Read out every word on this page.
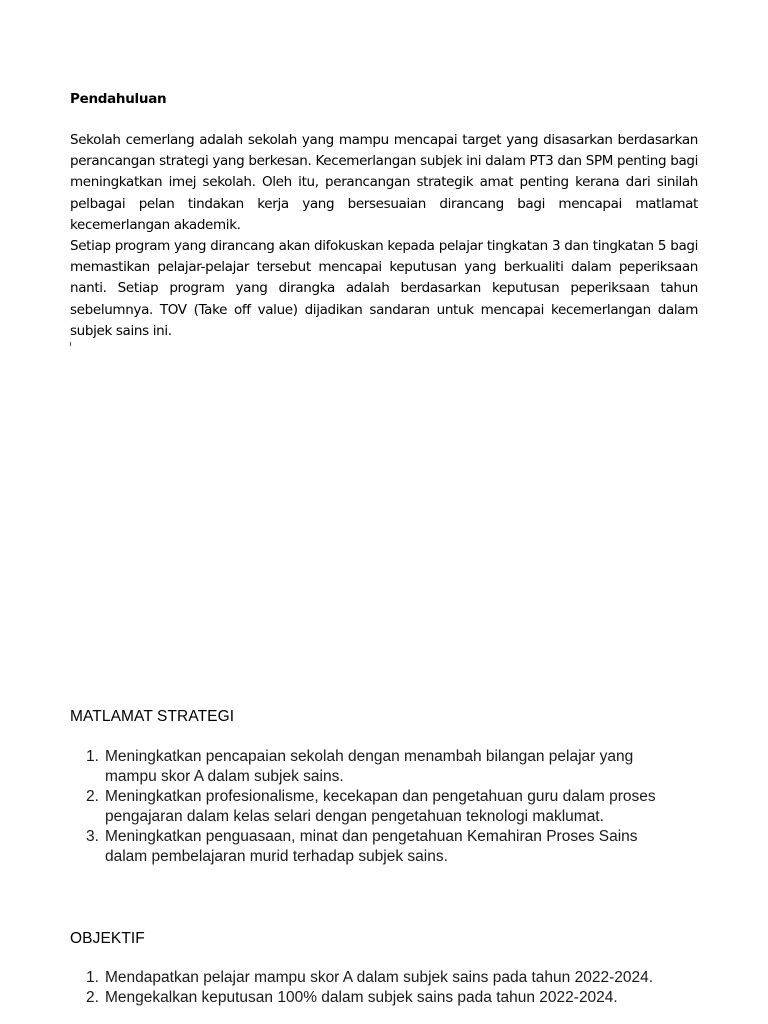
Pendahuluan

Sekolah cemerlang adalah sekolah yang mampu mencapai target yang disasarkan berdasarkan perancangan strategi yang berkesan. Kecemerlangan subjek ini dalam PT3 dan SPM penting bagi meningkatkan imej sekolah. Oleh itu, perancangan strategik amat penting kerana dari sinilah pelbagai pelan tindakan kerja yang bersesuaian dirancang bagi mencapai matlamat kecemerlangan akademik.

Setiap program yang dirancang akan difokuskan kepada pelajar tingkatan 3 dan tingkatan 5 bagi memastikan pelajar-pelajar tersebut mencapai keputusan yang berkualiti dalam peperiksaan nanti. Setiap program yang dirangka adalah berdasarkan keputusan peperiksaan tahun sebelumnya. TOV (Take off value) dijadikan sandaran untuk mencapai kecemerlangan dalam subjek sains ini.

MATLAMAT STRATEGI
1. Meningkatkan pencapaian sekolah dengan menambah bilangan pelajar yang mampu skor A dalam subjek sains.
2. Meningkatkan profesionalisme, kecekapan dan pengetahuan guru dalam proses pengajaran dalam kelas selari dengan pengetahuan teknologi maklumat.
3. Meningkatkan penguasaan, minat dan pengetahuan Kemahiran Proses Sains dalam pembelajaran murid terhadap subjek sains.
OBJEKTIF
1. Mendapatkan pelajar mampu skor A dalam subjek sains pada tahun 2022-2024.
2. Mengekalkan keputusan 100% dalam subjek sains pada tahun 2022-2024.
